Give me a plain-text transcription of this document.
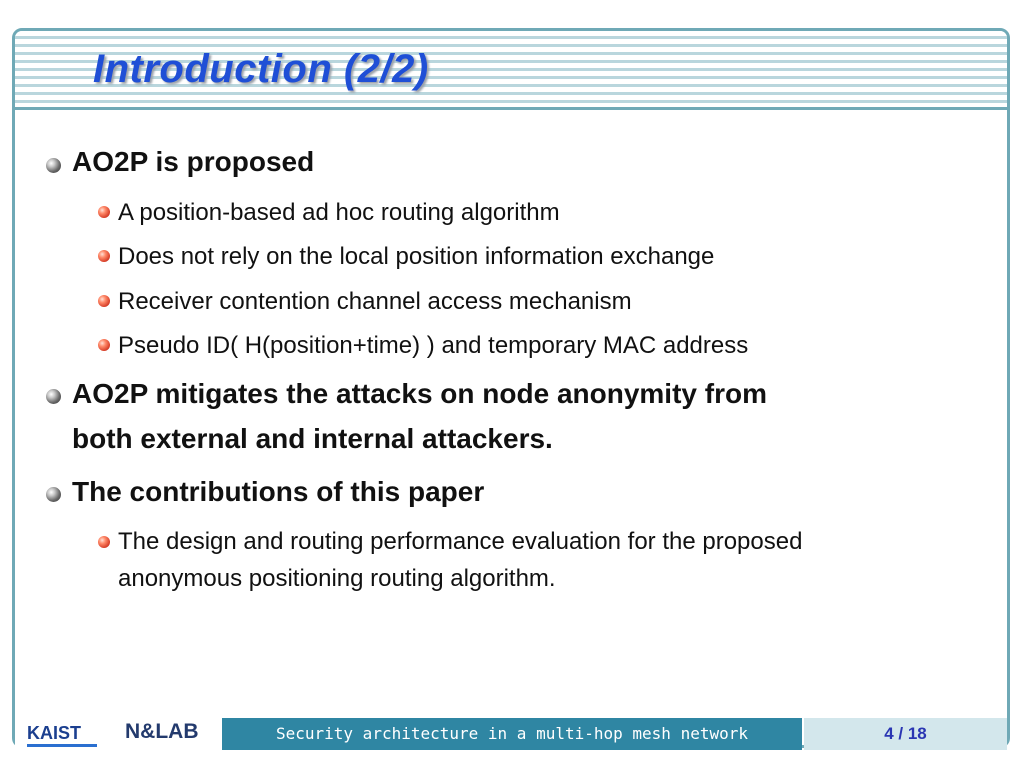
Introduction (2/2)
AO2P is proposed
A position-based ad hoc routing algorithm
Does not rely on the local position information exchange
Receiver contention channel access mechanism
Pseudo ID( H(position+time) ) and temporary MAC address
AO2P mitigates the attacks on node anonymity from
both external and internal attackers.
The contributions of this paper
The design and routing performance evaluation for the proposed
anonymous positioning routing algorithm.
KAIST	N&LAB	Security architecture in a multi-hop mesh network	4 / 18
